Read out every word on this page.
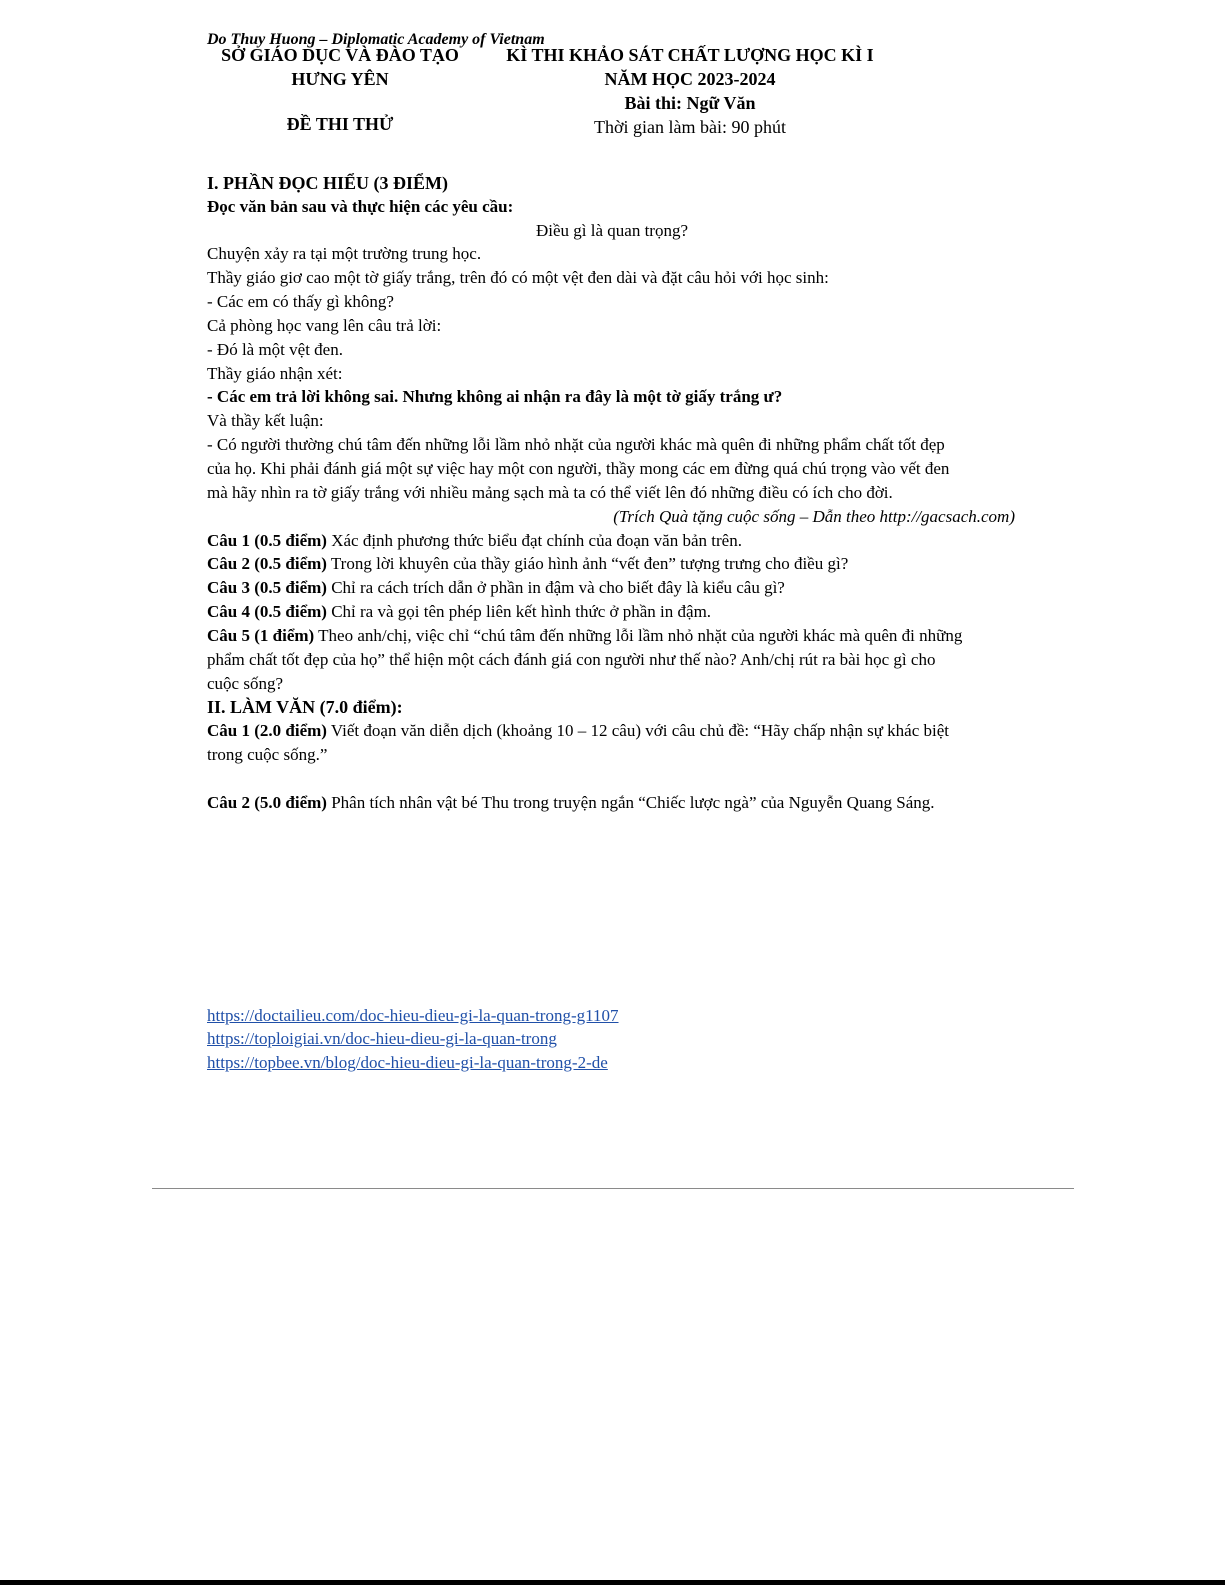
Do Thuy Huong – Diplomatic Academy of Vietnam
SỞ GIÁO DỤC VÀ ĐÀO TẠO
HƯNG YÊN
ĐỀ THI THỬ
KÌ THI KHẢO SÁT CHẤT LƯỢNG HỌC KÌ I
NĂM HỌC 2023-2024
Bài thi: Ngữ Văn
Thời gian làm bài: 90 phút
I. PHẦN ĐỌC HIỂU (3 ĐIỂM)
Đọc văn bản sau và thực hiện các yêu cầu:
Điều gì là quan trọng?
Chuyện xảy ra tại một trường trung học.
Thầy giáo giơ cao một tờ giấy trắng, trên đó có một vệt đen dài và đặt câu hỏi với học sinh:
- Các em có thấy gì không?
Cả phòng học vang lên câu trả lời:
- Đó là một vệt đen.
Thầy giáo nhận xét:
- Các em trả lời không sai. Nhưng không ai nhận ra đây là một tờ giấy trắng ư?
Và thầy kết luận:
- Có người thường chú tâm đến những lỗi lầm nhỏ nhặt của người khác mà quên đi những phẩm chất tốt đẹp
của họ. Khi phải đánh giá một sự việc hay một con người, thầy mong các em đừng quá chú trọng vào vết đen
mà hãy nhìn ra tờ giấy trắng với nhiều mảng sạch mà ta có thể viết lên đó những điều có ích cho đời.
(Trích Quà tặng cuộc sống – Dẫn theo http://gacsach.com)
Câu 1 (0.5 điểm) Xác định phương thức biểu đạt chính của đoạn văn bản trên.
Câu 2 (0.5 điểm) Trong lời khuyên của thầy giáo hình ảnh “vết đen” tượng trưng cho điều gì?
Câu 3 (0.5 điểm) Chỉ ra cách trích dẫn ở phần in đậm và cho biết đây là kiểu câu gì?
Câu 4 (0.5 điểm) Chỉ ra và gọi tên phép liên kết hình thức ở phần in đậm.
Câu 5 (1 điểm) Theo anh/chị, việc chỉ “chú tâm đến những lỗi lầm nhỏ nhặt của người khác mà quên đi những
phẩm chất tốt đẹp của họ” thể hiện một cách đánh giá con người như thế nào? Anh/chị rút ra bài học gì cho
cuộc sống?
II. LÀM VĂN (7.0 điểm):
Câu 1 (2.0 điểm) Viết đoạn văn diễn dịch (khoảng 10 – 12 câu) với câu chủ đề: “Hãy chấp nhận sự khác biệt
trong cuộc sống.”
Câu 2 (5.0 điểm) Phân tích nhân vật bé Thu trong truyện ngắn “Chiếc lược ngà” của Nguyễn Quang Sáng.
https://doctailieu.com/doc-hieu-dieu-gi-la-quan-trong-g1107
https://toploigiai.vn/doc-hieu-dieu-gi-la-quan-trong
https://topbee.vn/blog/doc-hieu-dieu-gi-la-quan-trong-2-de
